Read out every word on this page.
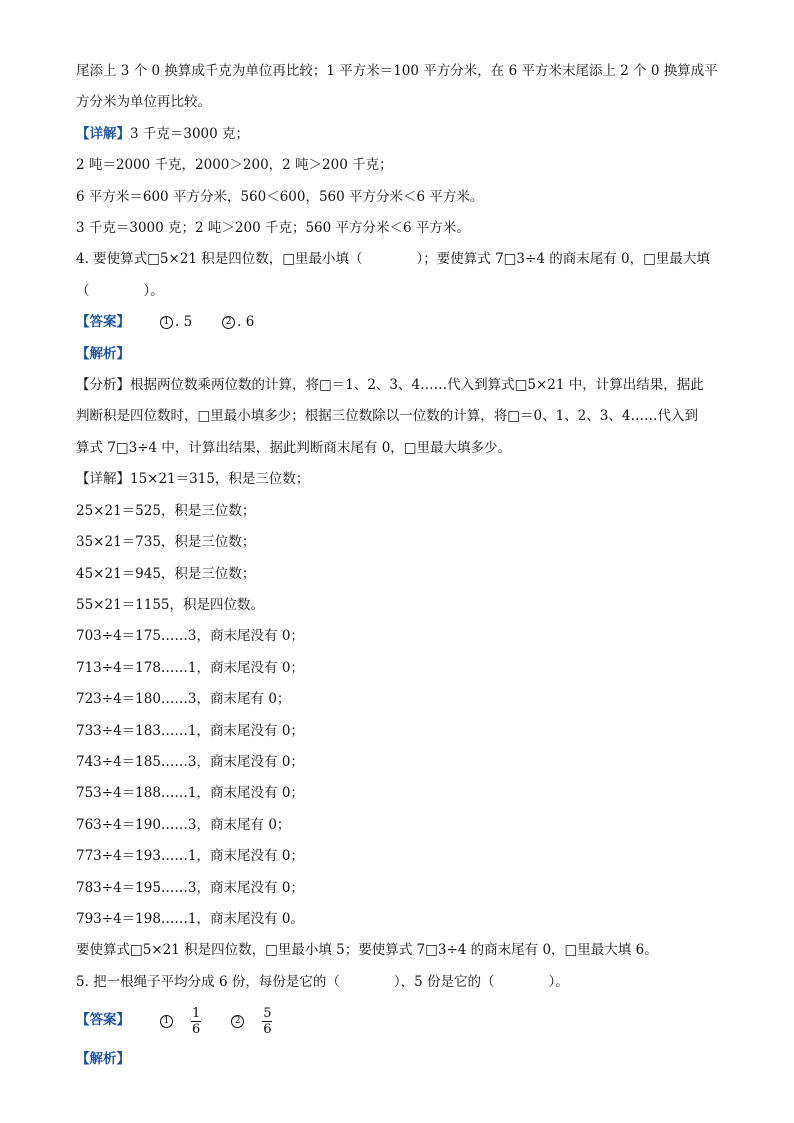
尾添上 3 个 0 换算成千克为单位再比较；1 平方米＝100 平方分米，在 6 平方米末尾添上 2 个 0 换算成平
方分米为单位再比较。
【详解】3 千克＝3000 克；
2 吨＝2000 千克，2000＞200，2 吨＞200 千克；
6 平方米＝600 平方分米，560＜600，560 平方分米＜6 平方米。
3 千克＝3000 克；2 吨＞200 千克；560 平方分米＜6 平方米。
4. 要使算式□5×21 积是四位数，□里最小填（　　　　）；要使算式 7□3÷4 的商末尾有 0，□里最大填
（　　　　）。
【答案】	1 . 5	2 . 6
【解析】
【分析】根据两位数乘两位数的计算，将□＝1、2、3、4……代入到算式□5×21 中，计算出结果，据此
判断积是四位数时，□里最小填多少；根据三位数除以一位数的计算，将□＝0、1、2、3、4……代入到
算式 7□3÷4 中，计算出结果，据此判断商末尾有 0，□里最大填多少。
【详解】15×21＝315，积是三位数；
25×21＝525，积是三位数；
35×21＝735，积是三位数；
45×21＝945，积是三位数；
55×21＝1155，积是四位数。
703÷4＝175……3，商末尾没有 0；
713÷4＝178……1，商末尾没有 0；
723÷4＝180……3，商末尾有 0；
733÷4＝183……1，商末尾没有 0；
743÷4＝185……3，商末尾没有 0；
753÷4＝188……1，商末尾没有 0；
763÷4＝190……3，商末尾有 0；
773÷4＝193……1，商末尾没有 0；
783÷4＝195……3，商末尾没有 0；
793÷4＝198……1，商末尾没有 0。
要使算式□5×21 积是四位数，□里最小填 5；要使算式 7□3÷4 的商末尾有 0，□里最大填 6。
5. 把一根绳子平均分成 6 份，每份是它的（　　　　），5 份是它的（　　　　）。
【答案】	$1 \frac{1}{6}$	$2 \frac{5}{6}$
【解析】
